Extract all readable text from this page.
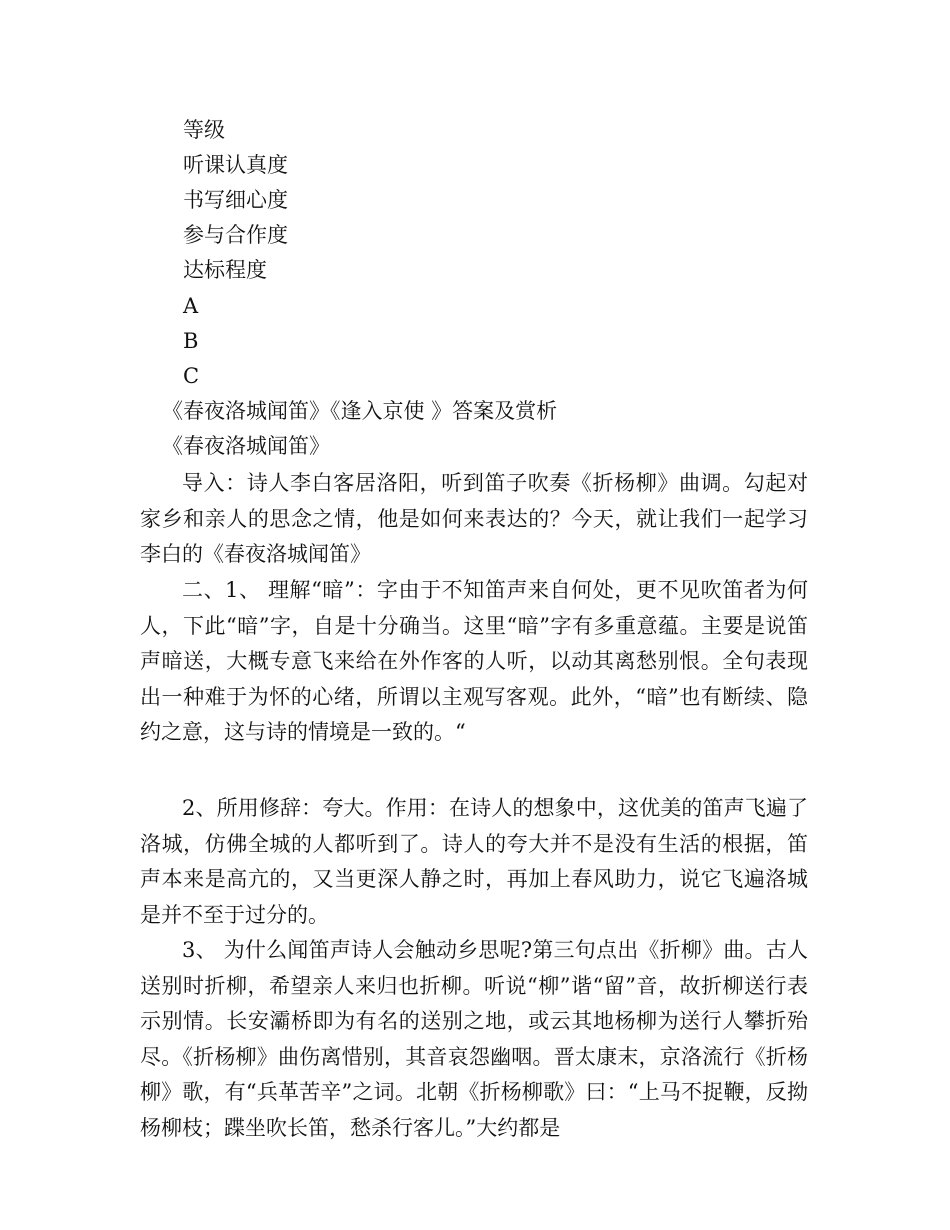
等级
听课认真度
书写细心度
参与合作度
达标程度
A
B
C
《春夜洛城闻笛》《逢入京使 》答案及赏析
《春夜洛城闻笛》

导入：诗人李白客居洛阳，听到笛子吹奏《折杨柳》曲调。勾起对家乡和亲人的思念之情，他是如何来表达的？今天，就让我们一起学习李白的《春夜洛城闻笛》

二、1、 理解“暗”：字由于不知笛声来自何处，更不见吹笛者为何人，下此“暗”字，自是十分确当。这里“暗”字有多重意蕴。主要是说笛声暗送，大概专意飞来给在外作客的人听，以动其离愁别恨。全句表现出一种难于为怀的心绪，所谓以主观写客观。此外，“暗”也有断续、隐约之意，这与诗的情境是一致的。“

2、所用修辞：夸大。作用：在诗人的想象中，这优美的笛声飞遍了洛城，仿佛全城的人都听到了。诗人的夸大并不是没有生活的根据，笛声本来是高亢的，又当更深人静之时，再加上春风助力，说它飞遍洛城是并不至于过分的。

3、 为什么闻笛声诗人会触动乡思呢?第三句点出《折柳》曲。古人送别时折柳，希望亲人来归也折柳。听说“柳”谐“留”音，故折柳送行表示别情。长安灞桥即为有名的送别之地，或云其地杨柳为送行人攀折殆尽。《折杨柳》曲伤离惜别，其音哀怨幽咽。晋太康末，京洛流行《折杨柳》歌，有“兵革苦辛”之词。北朝《折杨柳歌》曰：“上马不捉鞭，反拗杨柳枝；蹀坐吹长笛，愁杀行客儿。”大约都是
